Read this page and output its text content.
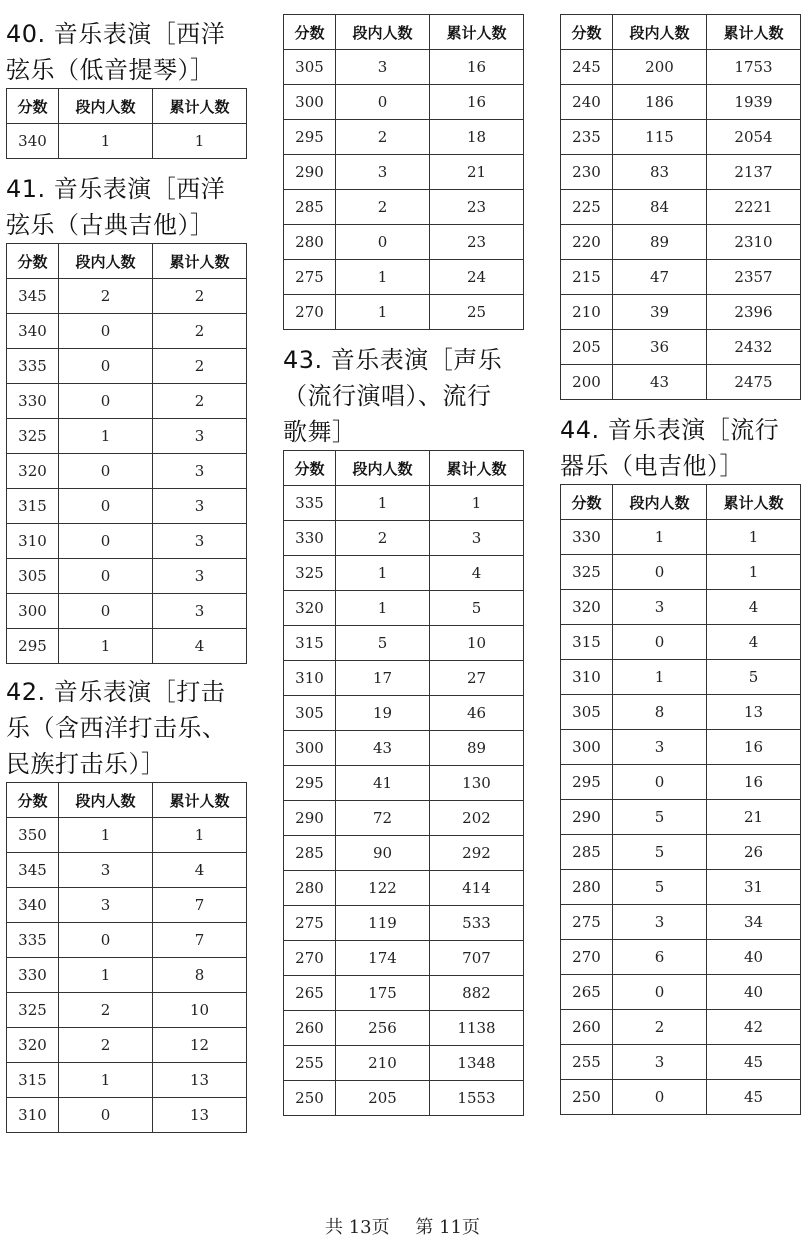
40. 音乐表演［西洋
弦乐（低音提琴）］
分数	段内人数	累计人数
340	1	1
41. 音乐表演［西洋
弦乐（古典吉他）］
分数	段内人数	累计人数
345	2	2
340	0	2
335	0	2
330	0	2
325	1	3
320	0	3
315	0	3
310	0	3
305	0	3
300	0	3
295	1	4
42. 音乐表演［打击
乐（含西洋打击乐、
民族打击乐）］
分数	段内人数	累计人数
350	1	1
345	3	4
340	3	7
335	0	7
330	1	8
325	2	10
320	2	12
315	1	13
310	0	13
分数	段内人数	累计人数
305	3	16
300	0	16
295	2	18
290	3	21
285	2	23
280	0	23
275	1	24
270	1	25
43. 音乐表演［声乐
（流行演唱）、流行
歌舞］
分数	段内人数	累计人数
335	1	1
330	2	3
325	1	4
320	1	5
315	5	10
310	17	27
305	19	46
300	43	89
295	41	130
290	72	202
285	90	292
280	122	414
275	119	533
270	174	707
265	175	882
260	256	1138
255	210	1348
250	205	1553
分数	段内人数	累计人数
245	200	1753
240	186	1939
235	115	2054
230	83	2137
225	84	2221
220	89	2310
215	47	2357
210	39	2396
205	36	2432
200	43	2475
44. 音乐表演［流行
器乐（电吉他）］
分数	段内人数	累计人数
330	1	1
325	0	1
320	3	4
315	0	4
310	1	5
305	8	13
300	3	16
295	0	16
290	5	21
285	5	26
280	5	31
275	3	34
270	6	40
265	0	40
260	2	42
255	3	45
250	0	45
共 13页 第 11页
